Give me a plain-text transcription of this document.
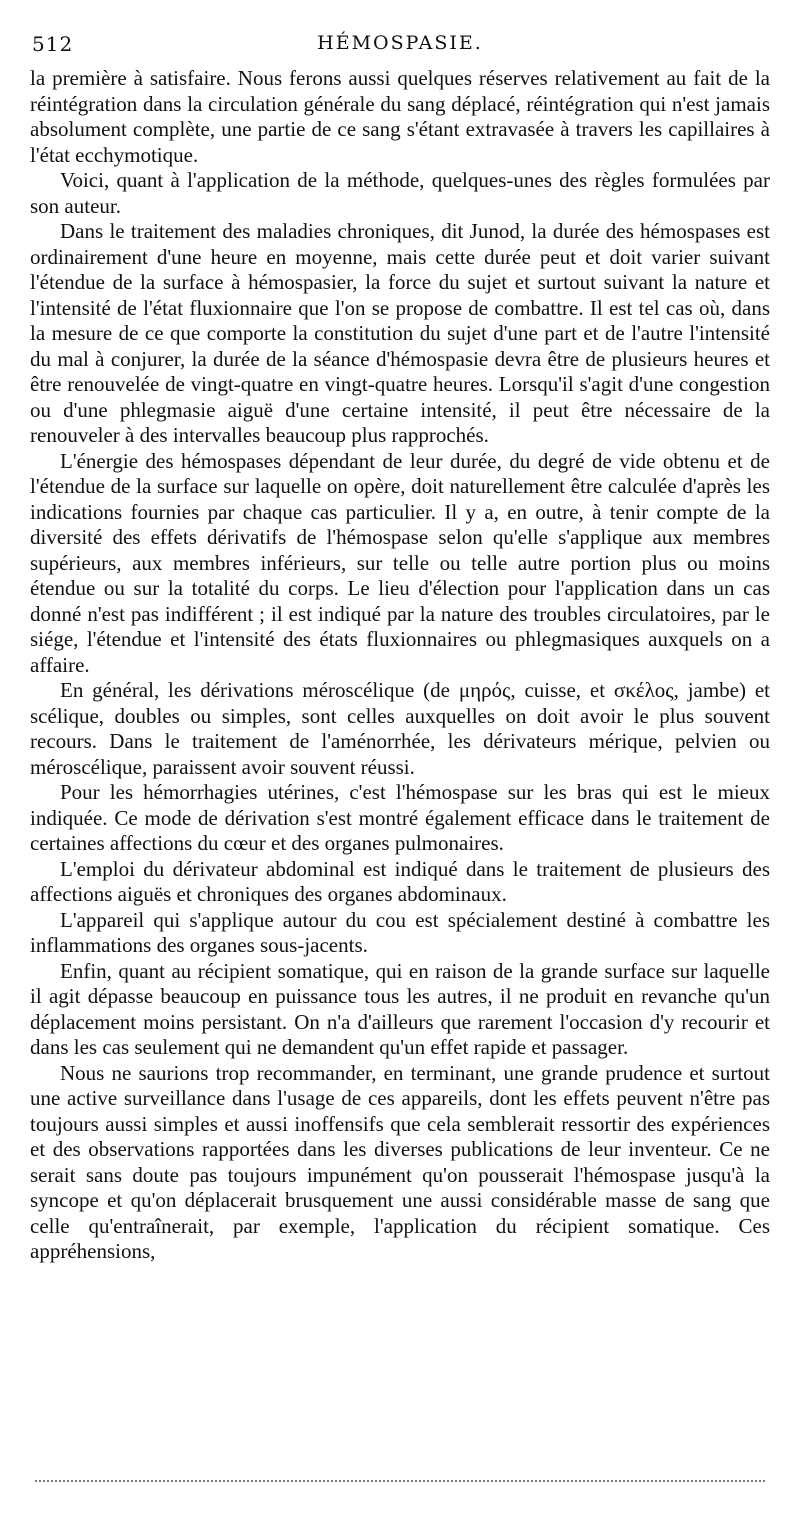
512	HÉMOSPASIE.

la première à satisfaire. Nous ferons aussi quelques réserves relativement au fait de la réintégration dans la circulation générale du sang déplacé, réintégration qui n'est jamais absolument complète, une partie de ce sang s'étant extravasée à travers les capillaires à l'état ecchymotique.

Voici, quant à l'application de la méthode, quelques-unes des règles formulées par son auteur.

Dans le traitement des maladies chroniques, dit Junod, la durée des hémospases est ordinairement d'une heure en moyenne, mais cette durée peut et doit varier suivant l'étendue de la surface à hémospasier, la force du sujet et surtout suivant la nature et l'intensité de l'état fluxionnaire que l'on se propose de combattre. Il est tel cas où, dans la mesure de ce que comporte la constitution du sujet d'une part et de l'autre l'intensité du mal à conjurer, la durée de la séance d'hémospasie devra être de plusieurs heures et être renouvelée de vingt-quatre en vingt-quatre heures. Lorsqu'il s'agit d'une congestion ou d'une phlegmasie aiguë d'une certaine intensité, il peut être nécessaire de la renouveler à des intervalles beaucoup plus rapprochés.

L'énergie des hémospases dépendant de leur durée, du degré de vide obtenu et de l'étendue de la surface sur laquelle on opère, doit naturellement être calculée d'après les indications fournies par chaque cas particulier. Il y a, en outre, à tenir compte de la diversité des effets dérivatifs de l'hémospase selon qu'elle s'applique aux membres supérieurs, aux membres inférieurs, sur telle ou telle autre portion plus ou moins étendue ou sur la totalité du corps. Le lieu d'élection pour l'application dans un cas donné n'est pas indifférent ; il est indiqué par la nature des troubles circulatoires, par le siége, l'étendue et l'intensité des états fluxionnaires ou phlegmasiques auxquels on a affaire.

En général, les dérivations méroscélique (de μηρός, cuisse, et σκέλος, jambe) et scélique, doubles ou simples, sont celles auxquelles on doit avoir le plus souvent recours. Dans le traitement de l'aménorrhée, les dérivateurs mérique, pelvien ou méroscélique, paraissent avoir souvent réussi.

Pour les hémorrhagies utérines, c'est l'hémospase sur les bras qui est le mieux indiquée. Ce mode de dérivation s'est montré également efficace dans le traitement de certaines affections du cœur et des organes pulmonaires.

L'emploi du dérivateur abdominal est indiqué dans le traitement de plusieurs des affections aiguës et chroniques des organes abdominaux.

L'appareil qui s'applique autour du cou est spécialement destiné à combattre les inflammations des organes sous-jacents.

Enfin, quant au récipient somatique, qui en raison de la grande surface sur laquelle il agit dépasse beaucoup en puissance tous les autres, il ne produit en revanche qu'un déplacement moins persistant. On n'a d'ailleurs que rarement l'occasion d'y recourir et dans les cas seulement qui ne demandent qu'un effet rapide et passager.

Nous ne saurions trop recommander, en terminant, une grande prudence et surtout une active surveillance dans l'usage de ces appareils, dont les effets peuvent n'être pas toujours aussi simples et aussi inoffensifs que cela semblerait ressortir des expériences et des observations rapportées dans les diverses publications de leur inventeur. Ce ne serait sans doute pas toujours impunément qu'on pousserait l'hémospase jusqu'à la syncope et qu'on déplacerait brusquement une aussi considérable masse de sang que celle qu'entraînerait, par exemple, l'application du récipient somatique. Ces appréhensions,
